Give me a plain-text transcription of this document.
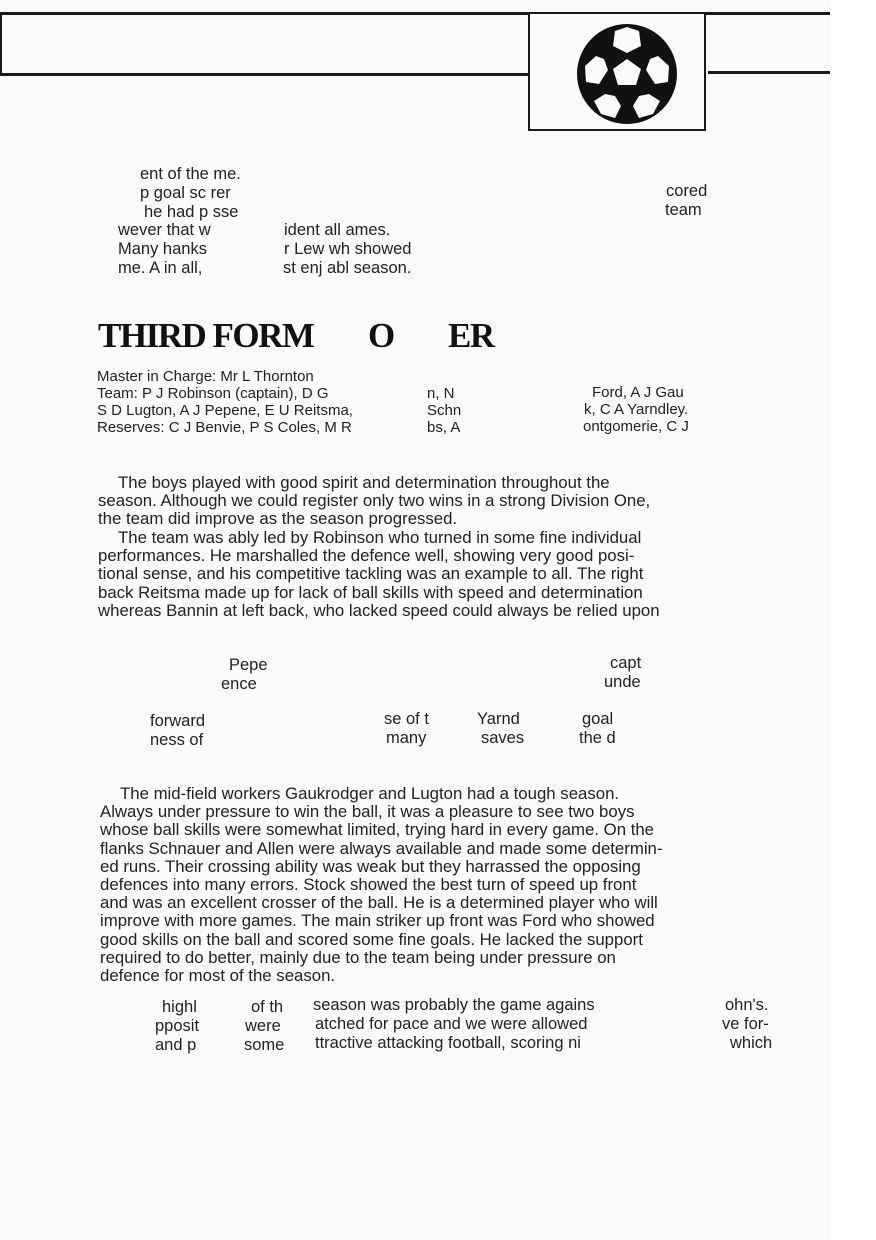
ent of the me.
p goal sc rer
he had p sse
wever that w
Many hanks
me. A in all,
ident all ames.
r Lew wh showed
st enj abl season.
cored
team
THIRD FORM O ER
Master in Charge: Mr L Thornton
Team: P J Robinson (captain), D G
S D Lugton, A J Pepene, E U Reitsma,
Reserves: C J Benvie, P S Coles, M R
n, N
Schn
bs, A
Ford, A J Gau
k, C A Yarndley.
ontgomerie, C J
The boys played with good spirit and determination throughout the
season. Although we could register only two wins in a strong Division One,
the team did improve as the season progressed.
The team was ably led by Robinson who turned in some fine individual
performances. He marshalled the defence well, showing very good posi-
tional sense, and his competitive tackling was an example to all. The right
back Reitsma made up for lack of ball skills with speed and determination
whereas Bannin at left back, who lacked speed could always be relied upon
Pepe
ence
capt
unde
forward
ness of
se of t
many
Yarnd
saves
goal
the d
The mid-field workers Gaukrodger and Lugton had a tough season.
Always under pressure to win the ball, it was a pleasure to see two boys
whose ball skills were somewhat limited, trying hard in every game. On the
flanks Schnauer and Allen were always available and made some determin-
ed runs. Their crossing ability was weak but they harrassed the opposing
defences into many errors. Stock showed the best turn of speed up front
and was an excellent crosser of the ball. He is a determined player who will
improve with more games. The main striker up front was Ford who showed
good skills on the ball and scored some fine goals. He lacked the support
required to do better, mainly due to the team being under pressure on
defence for most of the season.
highl
pposit
and p
of th
were
some
season was probably the game agains
atched for pace and we were allowed
ttractive attacking football, scoring ni
ohn's.
ve for-
which
